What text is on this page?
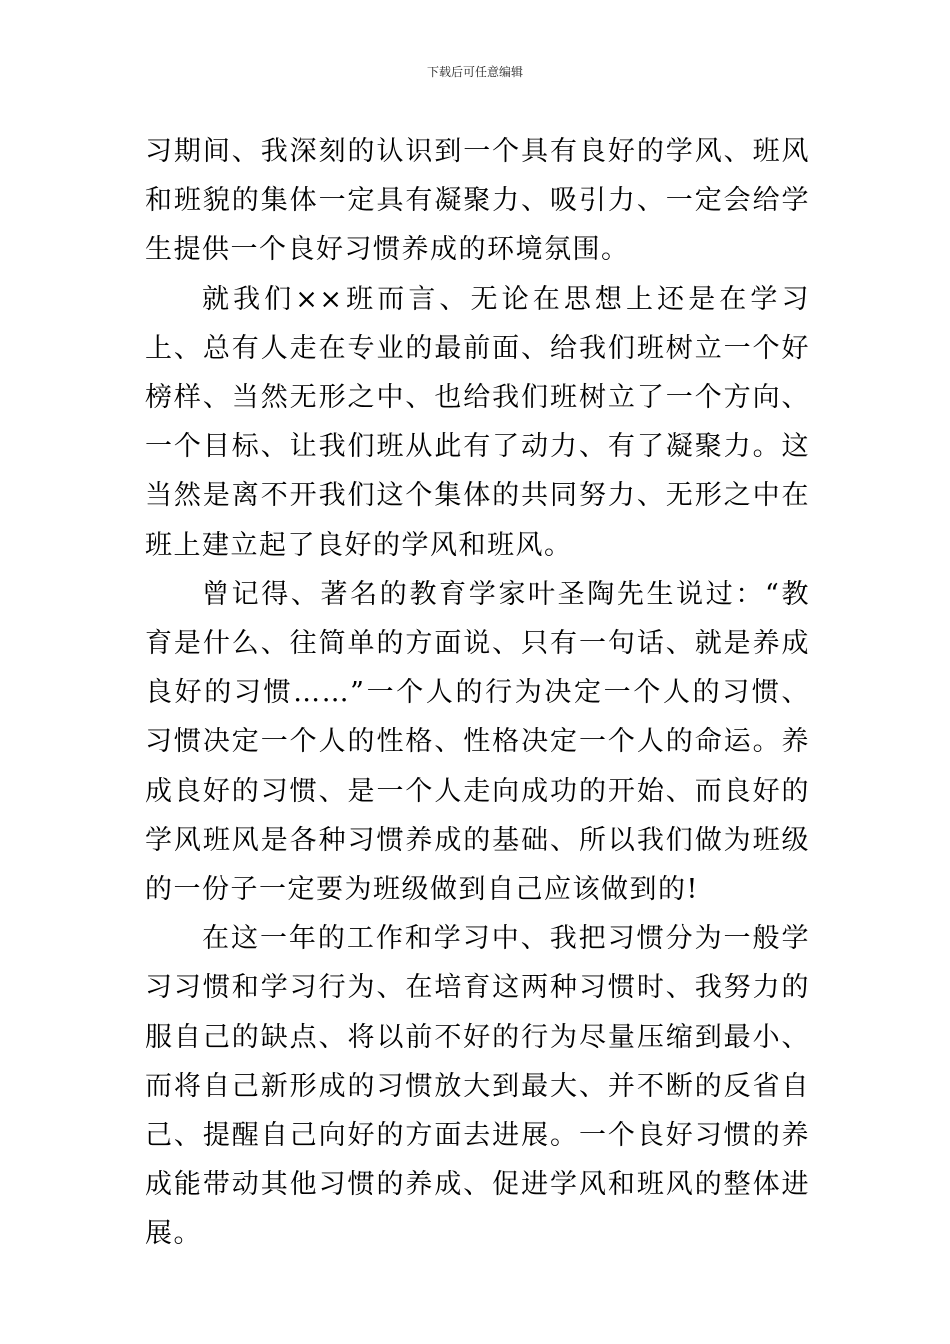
下载后可任意编辑

习期间、我深刻的认识到一个具有良好的学风、班风和班貌的集体一定具有凝聚力、吸引力、一定会给学生提供一个良好习惯养成的环境氛围。

就我们××班而言、无论在思想上还是在学习上、总有人走在专业的最前面、给我们班树立一个好榜样、当然无形之中、也给我们班树立了一个方向、一个目标、让我们班从此有了动力、有了凝聚力。这当然是离不开我们这个集体的共同努力、无形之中在班上建立起了良好的学风和班风。

曾记得、著名的教育学家叶圣陶先生说过：“教育是什么、往简单的方面说、只有一句话、就是养成良好的习惯……”一个人的行为决定一个人的习惯、习惯决定一个人的性格、性格决定一个人的命运。养成良好的习惯、是一个人走向成功的开始、而良好的学风班风是各种习惯养成的基础、所以我们做为班级的一份子一定要为班级做到自己应该做到的!

在这一年的工作和学习中、我把习惯分为一般学习习惯和学习行为、在培育这两种习惯时、我努力的服自己的缺点、将以前不好的行为尽量压缩到最小、而将自己新形成的习惯放大到最大、并不断的反省自己、提醒自己向好的方面去进展。一个良好习惯的养成能带动其他习惯的养成、促进学风和班风的整体进展。
